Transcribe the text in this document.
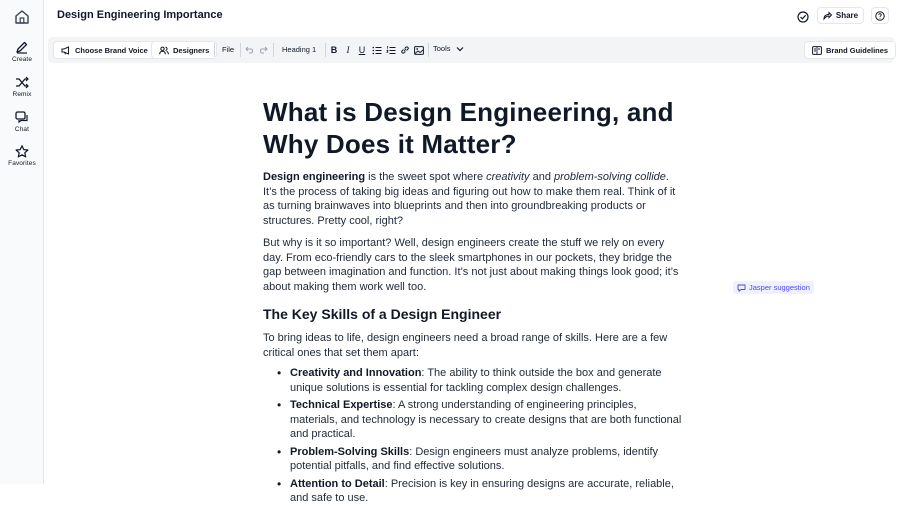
Create
Remix
Chat
Favorites
Design Engineering Importance	Share
Choose Brand Voice	Designers File	Heading 1 B I U	Tools	Brand Guidelines
What is Design Engineering, and Why Does it Matter?

Design engineering is the sweet spot where creativity and problem-solving collide. It’s the process of taking big ideas and figuring out how to make them real. Think of it as turning brainwaves into blueprints and then into groundbreaking products or structures. Pretty cool, right?

But why is it so important? Well, design engineers create the stuff we rely on every day. From eco-friendly cars to the sleek smartphones in our pockets, they bridge the gap between imagination and function. It’s not just about making things look good; it’s about making them work well too.

The Key Skills of a Design Engineer

To bring ideas to life, design engineers need a broad range of skills. Here are a few critical ones that set them apart:

• Creativity and Innovation: The ability to think outside the box and generate unique solutions is essential for tackling complex design challenges.
• Technical Expertise: A strong understanding of engineering principles, materials, and technology is necessary to create designs that are both functional and practical.
• Problem-Solving Skills: Design engineers must analyze problems, identify potential pitfalls, and find effective solutions.
• Attention to Detail: Precision is key in ensuring designs are accurate, reliable, and safe to use.
Jasper suggestion
